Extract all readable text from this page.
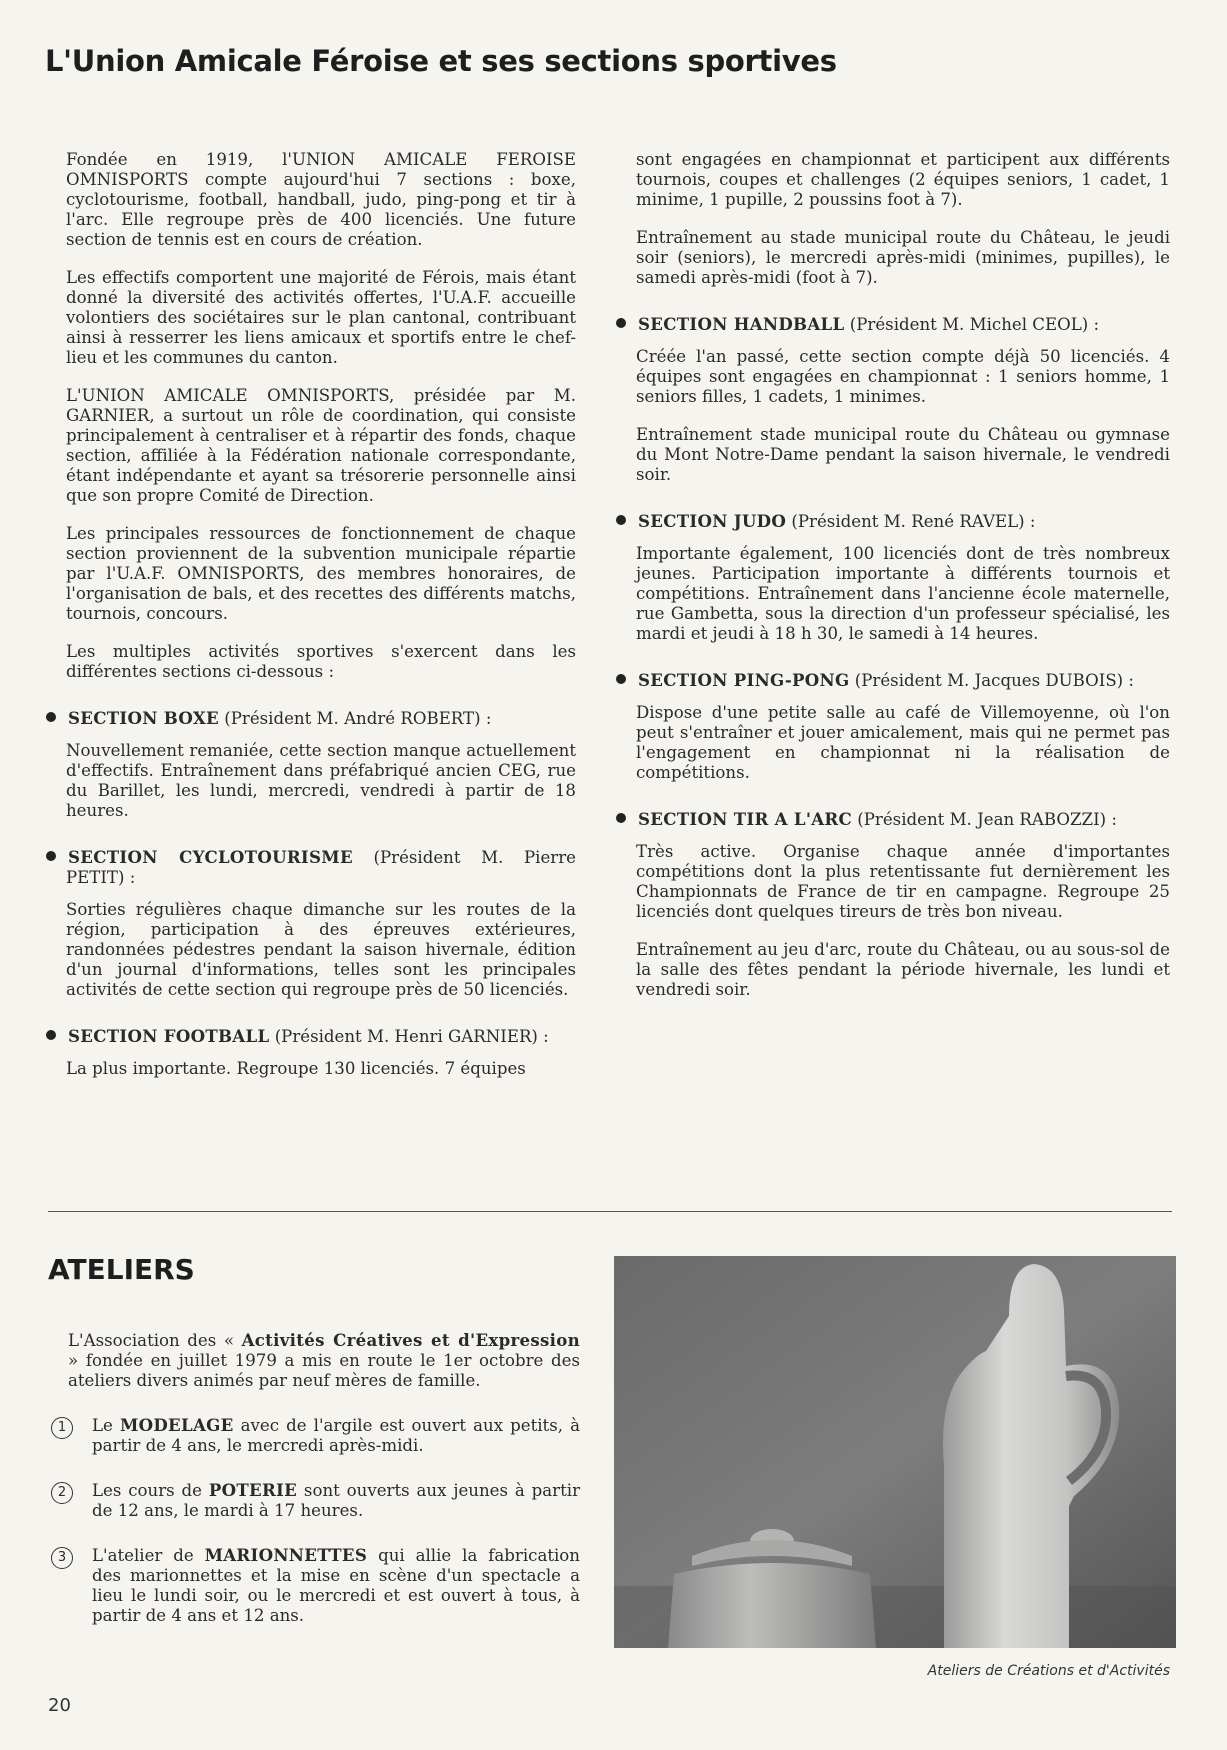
L'Union Amicale Féroise et ses sections sportives

Fondée en 1919, l'UNION AMICALE FEROISE OMNISPORTS compte aujourd'hui 7 sections : boxe, cyclotourisme, football, handball, judo, ping-pong et tir à l'arc. Elle regroupe près de 400 licenciés. Une future section de tennis est en cours de création.

Les effectifs comportent une majorité de Férois, mais étant donné la diversité des activités offertes, l'U.A.F. accueille volontiers des sociétaires sur le plan cantonal, contribuant ainsi à resserrer les liens amicaux et sportifs entre le chef-lieu et les communes du canton.

L'UNION AMICALE OMNISPORTS, présidée par M. GARNIER, a surtout un rôle de coordination, qui consiste principalement à centraliser et à répartir des fonds, chaque section, affiliée à la Fédération nationale correspondante, étant indépendante et ayant sa trésorerie personnelle ainsi que son propre Comité de Direction.

Les principales ressources de fonctionnement de chaque section proviennent de la subvention municipale répartie par l'U.A.F. OMNISPORTS, des membres honoraires, de l'organisation de bals, et des recettes des différents matchs, tournois, concours.

Les multiples activités sportives s'exercent dans les différentes sections ci-dessous :

SECTION BOXE (Président M. André ROBERT) :

Nouvellement remaniée, cette section manque actuellement d'effectifs. Entraînement dans préfabriqué ancien CEG, rue du Barillet, les lundi, mercredi, vendredi à partir de 18 heures.

SECTION CYCLOTOURISME (Président M. Pierre PETIT) :

Sorties régulières chaque dimanche sur les routes de la région, participation à des épreuves extérieures, randonnées pédestres pendant la saison hivernale, édition d'un journal d'informations, telles sont les principales activités de cette section qui regroupe près de 50 licenciés.

SECTION FOOTBALL (Président M. Henri GARNIER) :

La plus importante. Regroupe 130 licenciés. 7 équipes

sont engagées en championnat et participent aux différents tournois, coupes et challenges (2 équipes seniors, 1 cadet, 1 minime, 1 pupille, 2 poussins foot à 7).

Entraînement au stade municipal route du Château, le jeudi soir (seniors), le mercredi après-midi (minimes, pupilles), le samedi après-midi (foot à 7).

SECTION HANDBALL (Président M. Michel CEOL) :

Créée l'an passé, cette section compte déjà 50 licenciés. 4 équipes sont engagées en championnat : 1 seniors homme, 1 seniors filles, 1 cadets, 1 minimes.

Entraînement stade municipal route du Château ou gymnase du Mont Notre-Dame pendant la saison hivernale, le vendredi soir.

SECTION JUDO (Président M. René RAVEL) :

Importante également, 100 licenciés dont de très nombreux jeunes. Participation importante à différents tournois et compétitions. Entraînement dans l'ancienne école maternelle, rue Gambetta, sous la direction d'un professeur spécialisé, les mardi et jeudi à 18 h 30, le samedi à 14 heures.

SECTION PING-PONG (Président M. Jacques DUBOIS) :

Dispose d'une petite salle au café de Villemoyenne, où l'on peut s'entraîner et jouer amicalement, mais qui ne permet pas l'engagement en championnat ni la réalisation de compétitions.

SECTION TIR A L'ARC (Président M. Jean RABOZZI) :

Très active. Organise chaque année d'importantes compétitions dont la plus retentissante fut dernièrement les Championnats de France de tir en campagne. Regroupe 25 licenciés dont quelques tireurs de très bon niveau.

Entraînement au jeu d'arc, route du Château, ou au sous-sol de la salle des fêtes pendant la période hivernale, les lundi et vendredi soir.

ATELIERS

L'Association des « Activités Créatives et d'Expression » fondée en juillet 1979 a mis en route le 1er octobre des ateliers divers animés par neuf mères de famille.

1	Le MODELAGE avec de l'argile est ouvert aux petits, à partir de 4 ans, le mercredi après-midi.
2	Les cours de POTERIE sont ouverts aux jeunes à partir de 12 ans, le mardi à 17 heures.
3	L'atelier de MARIONNETTES qui allie la fabrication des marionnettes et la mise en scène d'un spectacle a lieu le lundi soir, ou le mercredi et est ouvert à tous, à partir de 4 ans et 12 ans.
Ateliers de Créations et d'Activités
20
